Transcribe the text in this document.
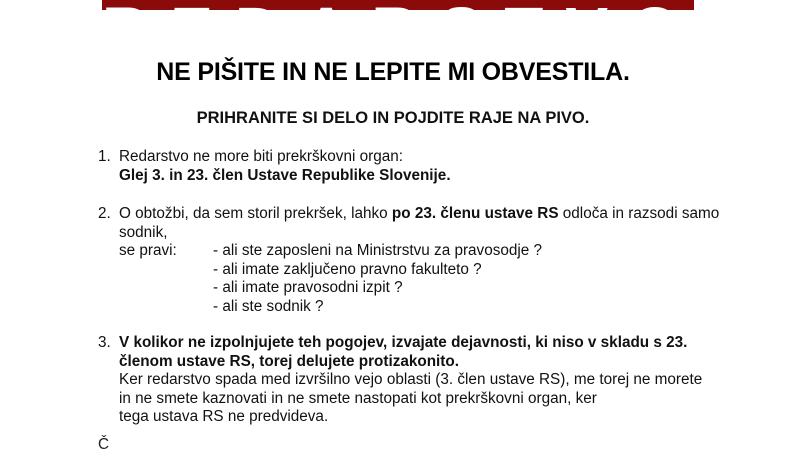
REDARSTVO
NE PIŠITE IN NE LEPITE MI OBVESTILA.
PRIHRANITE SI DELO IN POJDITE RAJE NA PIVO.
1. Redarstvo ne more biti prekrškovni organ:
Glej 3. in 23. člen Ustave Republike Slovenije.
2. O obtožbi, da sem storil prekršek, lahko po 23. členu ustave RS odloča in razsodi samo sodnik,
se pravi: - ali ste zaposleni na Ministrstvu za pravosodje ?
- ali imate zaključeno pravno fakulteto ?
- ali imate pravosodni izpit ?
- ali ste sodnik ?
3. V kolikor ne izpolnjujete teh pogojev, izvajate dejavnosti, ki niso v skladu s 23. členom ustave RS, torej delujete protizakonito.
Ker redarstvo spada med izvršilno vejo oblasti (3. člen ustave RS), me torej ne morete
in ne smete kaznovati in ne smete nastopati kot prekrškovni organ, ker
tega ustava RS ne predvideva.
Č
